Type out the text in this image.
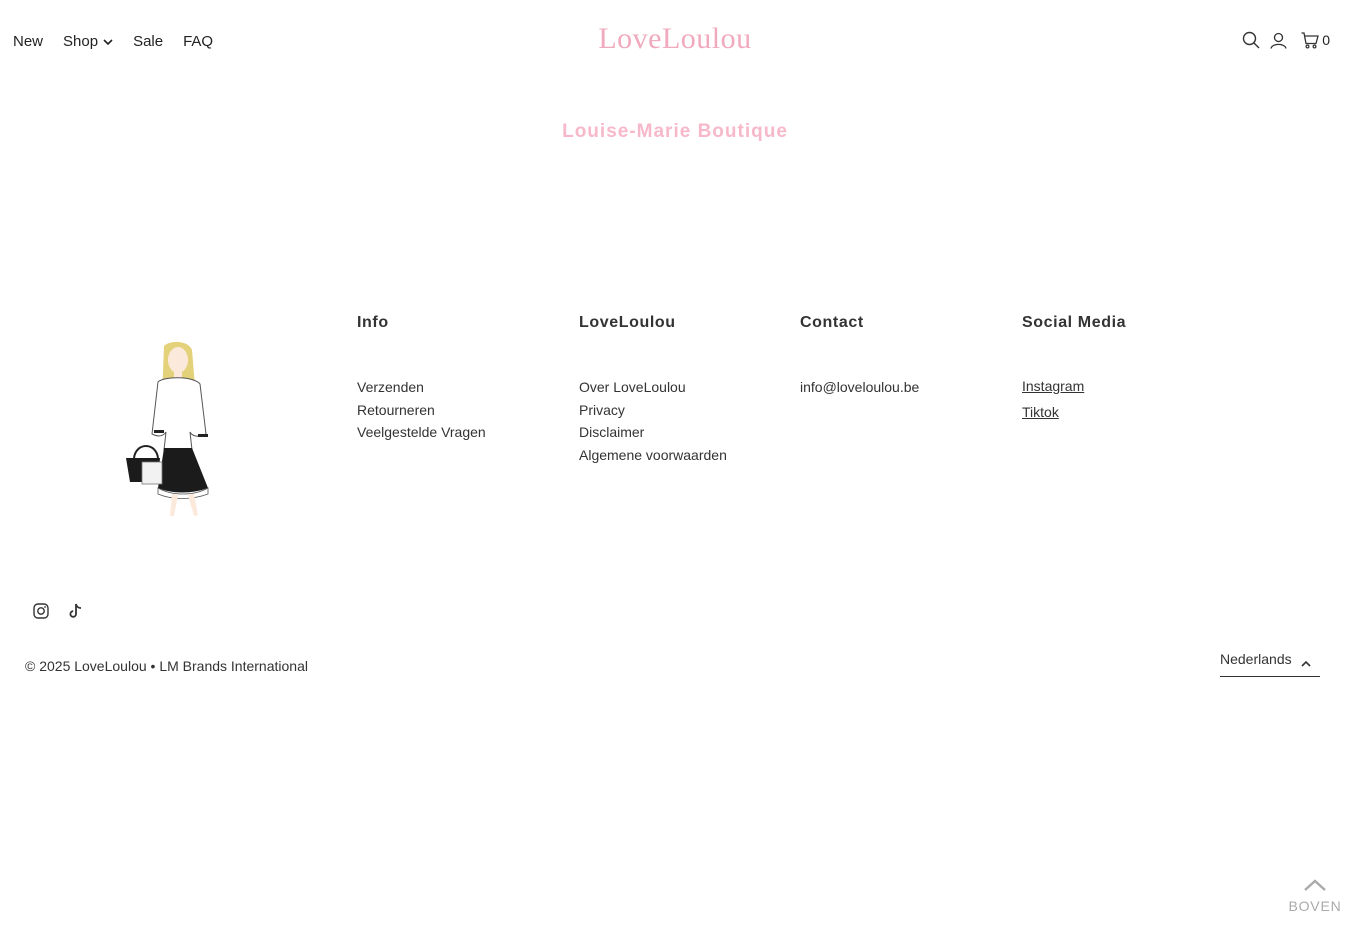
New Shop Sale FAQ	LoveLoulou	0
Louise-Marie Boutique
Info
Verzenden
Retourneren
Veelgestelde Vragen
LoveLoulou
Over LoveLoulou
Privacy
Disclaimer
Algemene voorwaarden
Contact
info@loveloulou.be
Social Media
Instagram
Tiktok
© 2025 LoveLoulou • LM Brands International	Nederlands
BOVEN
